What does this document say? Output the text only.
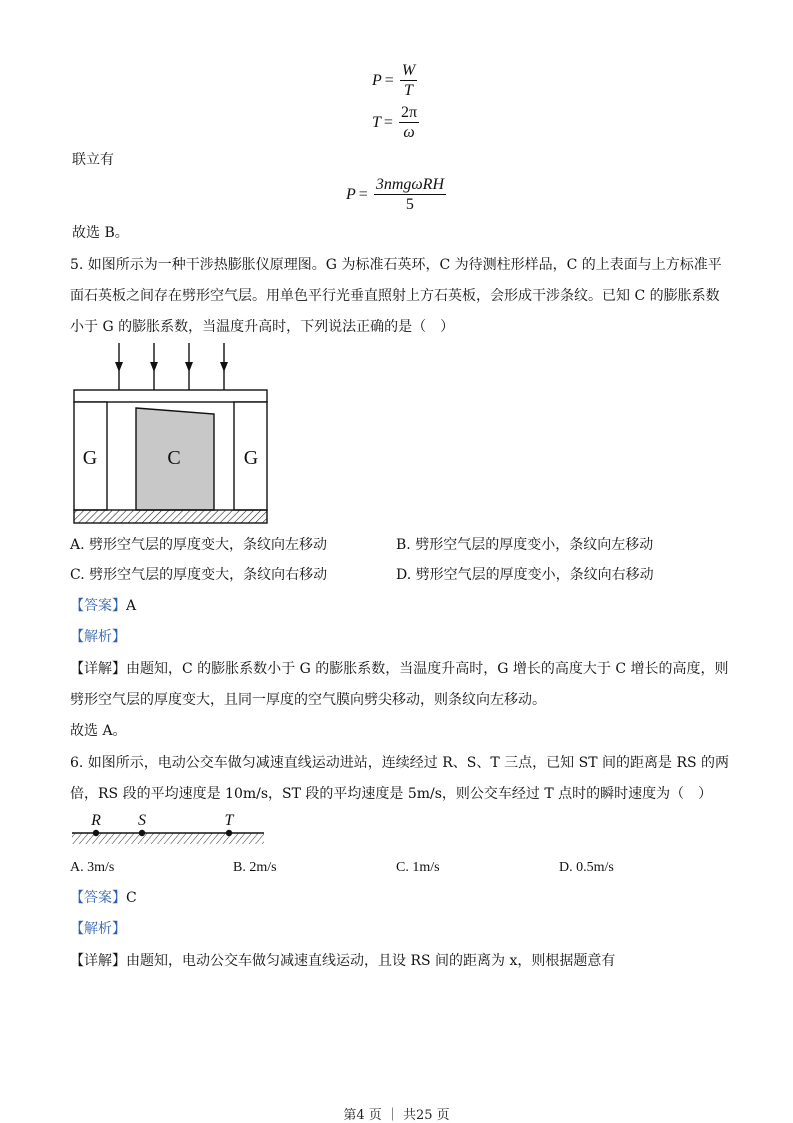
$P = \frac{W}{T}$
$T = \frac{2\pi}{\omega}$
联立有
$P = \frac{\text{3nmgωRH}}{5}$
故选 B。
5. 如图所示为一种干涉热膨胀仪原理图。G 为标准石英环，C 为待测柱形样品，C 的上表面与上方标准平
面石英板之间存在劈形空气层。用单色平行光垂直照射上方石英板，会形成干涉条纹。已知 C 的膨胀系数
小于 G 的膨胀系数，当温度升高时，下列说法正确的是（　）
G	C	G
A. 劈形空气层的厚度变大，条纹向左移动	B. 劈形空气层的厚度变小，条纹向左移动
C. 劈形空气层的厚度变大，条纹向右移动	D. 劈形空气层的厚度变小，条纹向右移动
【答案】A
【解析】
【详解】由题知，C 的膨胀系数小于 G 的膨胀系数，当温度升高时，G 增长的高度大于 C 增长的高度，则
劈形空气层的厚度变大，且同一厚度的空气膜向劈尖移动，则条纹向左移动。
故选 A。
6. 如图所示，电动公交车做匀减速直线运动进站，连续经过 R、S、T 三点，已知 ST 间的距离是 RS 的两
倍，RS 段的平均速度是 10m/s，ST 段的平均速度是 5m/s，则公交车经过 T 点时的瞬时速度为（　）
R S	T
A. 3m/s	B. 2m/s	C. 1m/s	D. 0.5m/s
【答案】C
【解析】
【详解】由题知，电动公交车做匀减速直线运动，且设 RS 间的距离为 x，则根据题意有
第4 页 ｜ 共25 页
